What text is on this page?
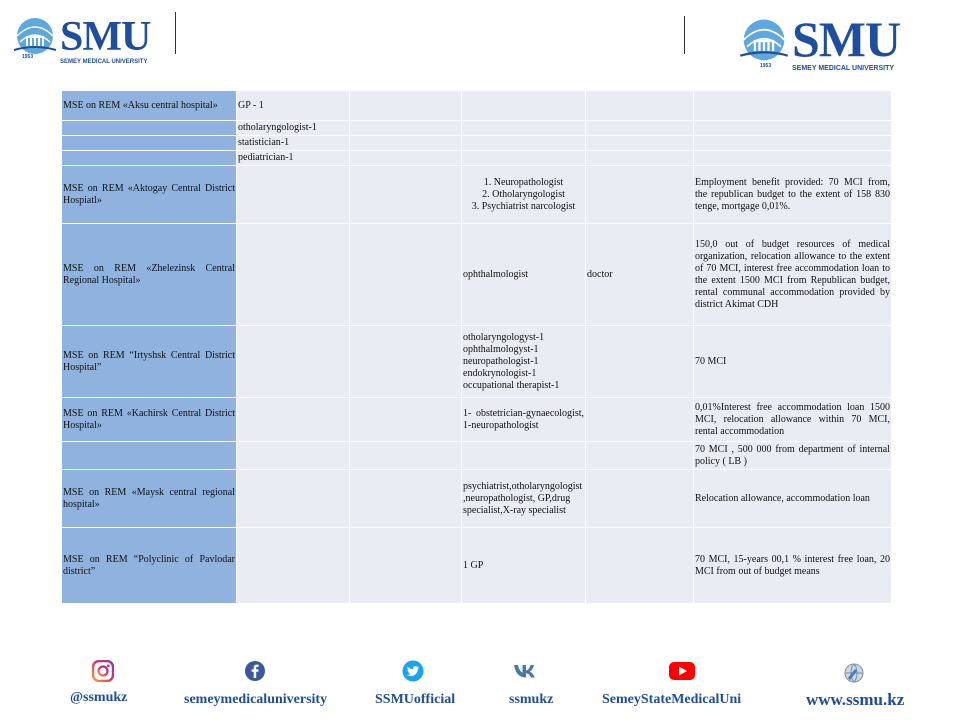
1953 SMU
SEMEY MEDICAL UNIVERSITY
1953 SMU
SEMEY MEDICAL UNIVERSITY
MSE on REM «Aksu central hospital»	GP - 1				
	otholaryngologist-1				
	statistician-1				
	pediatrician-1				
MSE on REM «Aktogay Central District Hospiatl»			1. Neuropathologist
2. Otholaryngologist
3. Psychiatrist narcologist		Employment benefit provided: 70 MCI from, the republican budget to the extent of 158 830 tenge, mortgage 0,01%.
MSE on REM «Zhelezinsk Central Regional Hospital»			ophthalmologist	doctor	150,0 out of budget resources of medical organization, relocation allowance to the extent of 70 MCI, interest free accommodation loan to the extent 1500 MCI from Republican budget, rental communal accommodation provided by district Akimat CDH
MSE on REM “Irtyshsk Central District Hospital”			otholaryngologyst-1
ophthalmologyst-1
neuropathologist-1
endokrynologist-1
occupational therapist-1		70 MCI
MSE on REM «Kachirsk Central District Hospital»			1- obstetrician-gynaecologist, 1-neuropathologist		0,01%Interest free accommodation loan 1500 MCI, relocation allowance within 70 MCI, rental accommodation
					70 MCI , 500 000 from department of internal policy ( LB )
MSE on REM «Maysk central regional hospital»			psychiatrist,otholaryngologist,neuropathologist, GP,drug specialist,X-ray specialist		Relocation allowance, accommodation loan
MSE on REM “Polyclinic of Pavlodar district”			1 GP		70 MCI, 15-years 00,1 % interest free loan, 20 MCI from out of budget means
@ssmukz	semeymedicaluniversity	SSMUofficial	ssmukz	SemeyStateMedicalUni	www.ssmu.kz
